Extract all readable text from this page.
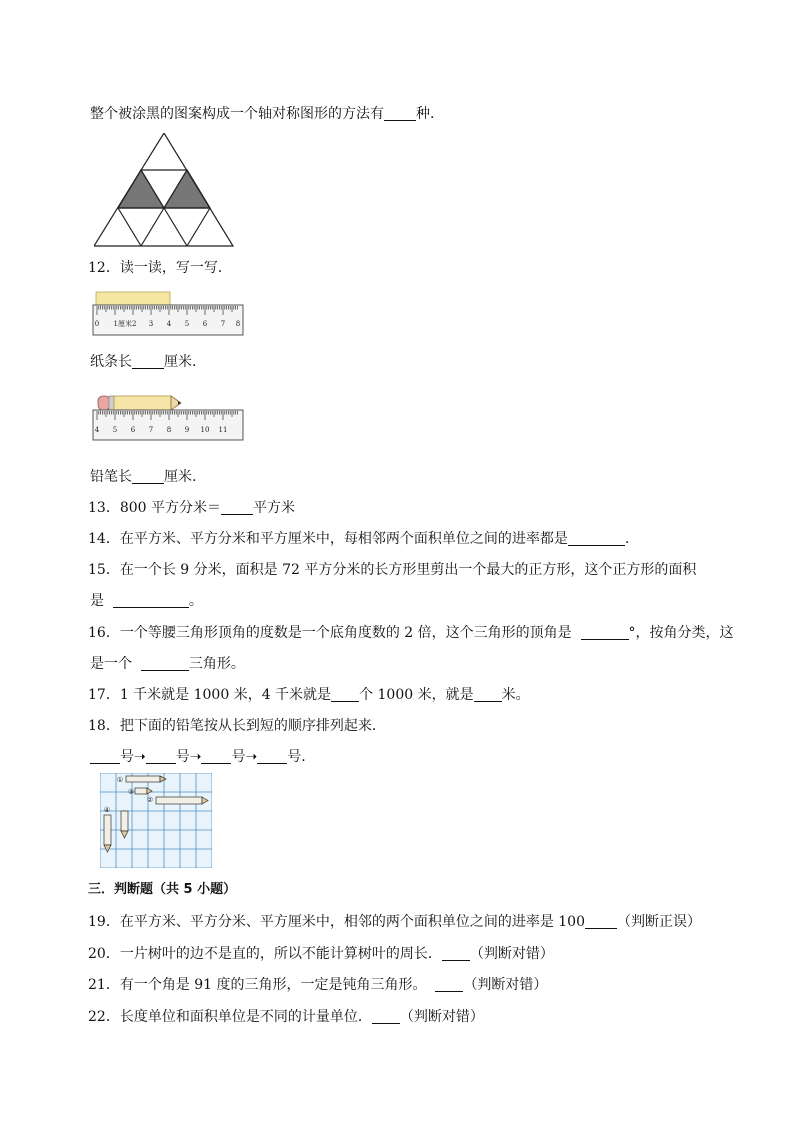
整个被涂黑的图案构成一个轴对称图形的方法有 种.
12．读一读，写一写．
0 1厘米2 3 4 5 6 7 8
纸条长 厘米.
4 5 6 7 8 9 10 11
铅笔长 厘米.
13．800 平方分米＝ 平方米
14．在平方米、平方分米和平方厘米中，每相邻两个面积单位之间的进率都是	.
15．在一个长 9 分米，面积是 72 平方分米的长方形里剪出一个最大的正方形，这个正方形的面积
是	。
16．一个等腰三角形顶角的度数是一个底角度数的 2 倍，这个三角形的顶角是	°，按角分类，这
是一个	三角形。
17．1 千米就是 1000 米，4 千米就是 个 1000 米，就是 米。
18．把下面的铅笔按从长到短的顺序排列起来．
号➝ 号➝ 号➝ 号.
①
②
③
④
三．判断题（共 5 小题）
19．在平方米、平方分米、平方厘米中，相邻的两个面积单位之间的进率是 100 （判断正误）
20．一片树叶的边不是直的，所以不能计算树叶的周长． （判断对错）
21．有一个角是 91 度的三角形，一定是钝角三角形。	（判断对错）
22．长度单位和面积单位是不同的计量单位． （判断对错）
